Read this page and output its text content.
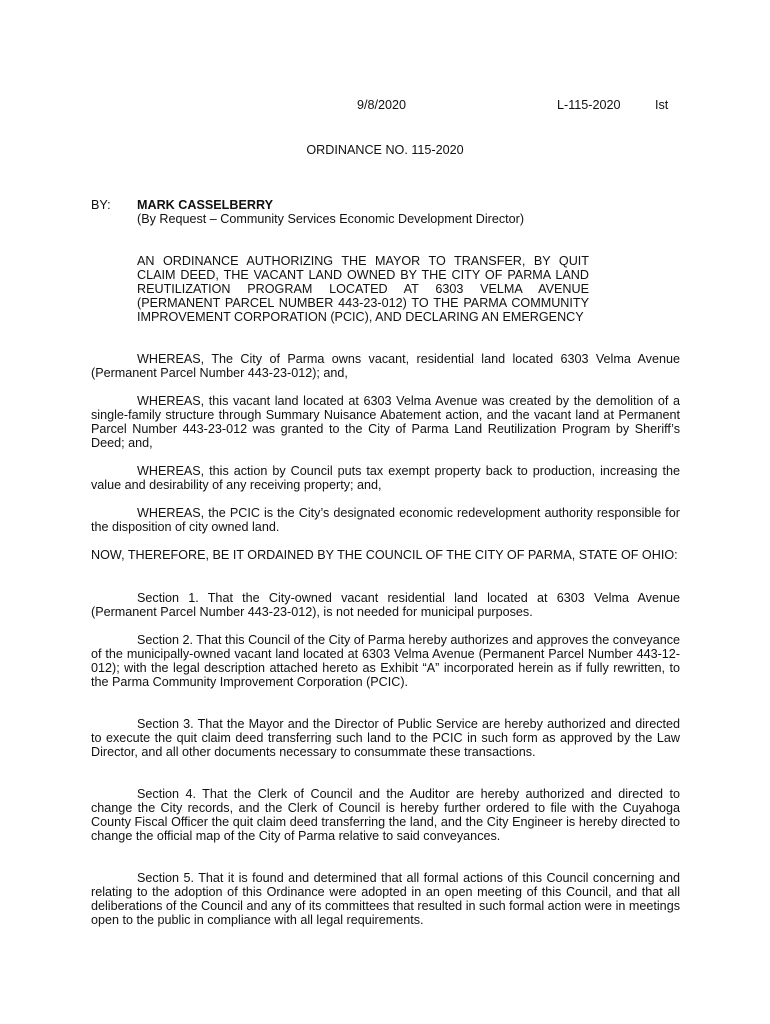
9/8/2020	L-115-2020	Ist
ORDINANCE NO. 115-2020
BY: MARK CASSELBERRY
(By Request – Community Services Economic Development Director)
AN ORDINANCE AUTHORIZING THE MAYOR TO TRANSFER, BY QUIT CLAIM DEED, THE VACANT LAND OWNED BY THE CITY OF PARMA LAND REUTILIZATION PROGRAM LOCATED AT 6303 VELMA AVENUE (PERMANENT PARCEL NUMBER 443-23-012) TO THE PARMA COMMUNITY IMPROVEMENT CORPORATION (PCIC), AND DECLARING AN EMERGENCY
WHEREAS, The City of Parma owns vacant, residential land located 6303 Velma Avenue (Permanent Parcel Number 443-23-012); and,
WHEREAS, this vacant land located at 6303 Velma Avenue was created by the demolition of a single-family structure through Summary Nuisance Abatement action, and the vacant land at Permanent Parcel Number 443-23-012 was granted to the City of Parma Land Reutilization Program by Sheriff’s Deed; and,
WHEREAS, this action by Council puts tax exempt property back to production, increasing the value and desirability of any receiving property; and,
WHEREAS, the PCIC is the City’s designated economic redevelopment authority responsible for the disposition of city owned land.
NOW, THEREFORE, BE IT ORDAINED BY THE COUNCIL OF THE CITY OF PARMA, STATE OF OHIO:
Section 1. That the City-owned vacant residential land located at 6303 Velma Avenue (Permanent Parcel Number 443-23-012), is not needed for municipal purposes.
Section 2. That this Council of the City of Parma hereby authorizes and approves the conveyance of the municipally-owned vacant land located at 6303 Velma Avenue (Permanent Parcel Number 443-12-012); with the legal description attached hereto as Exhibit “A” incorporated herein as if fully rewritten, to the Parma Community Improvement Corporation (PCIC).
Section 3. That the Mayor and the Director of Public Service are hereby authorized and directed to execute the quit claim deed transferring such land to the PCIC in such form as approved by the Law Director, and all other documents necessary to consummate these transactions.
Section 4. That the Clerk of Council and the Auditor are hereby authorized and directed to change the City records, and the Clerk of Council is hereby further ordered to file with the Cuyahoga County Fiscal Officer the quit claim deed transferring the land, and the City Engineer is hereby directed to change the official map of the City of Parma relative to said conveyances.
Section 5. That it is found and determined that all formal actions of this Council concerning and relating to the adoption of this Ordinance were adopted in an open meeting of this Council, and that all deliberations of the Council and any of its committees that resulted in such formal action were in meetings open to the public in compliance with all legal requirements.
